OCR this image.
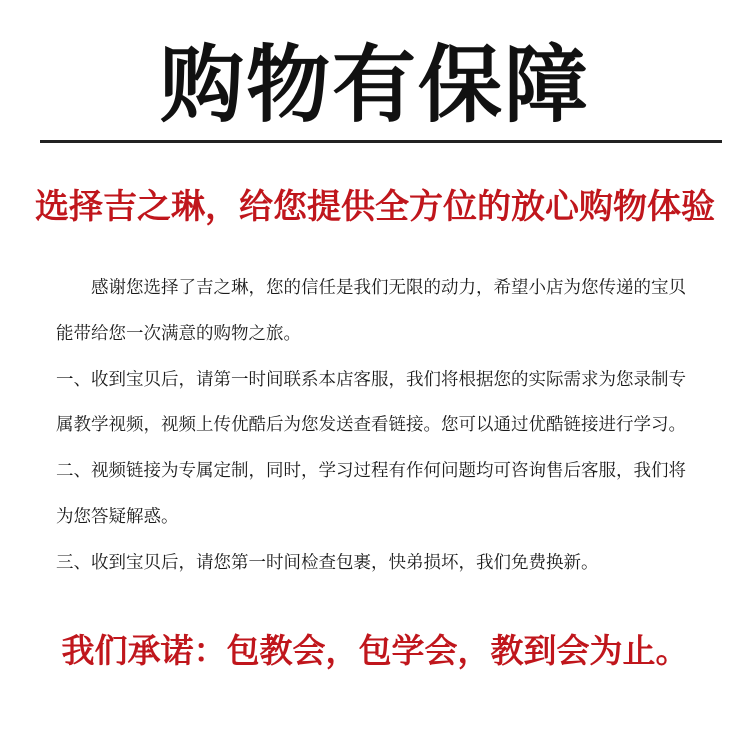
购物有保障
选择吉之琳，给您提供全方位的放心购物体验

感谢您选择了吉之琳，您的信任是我们无限的动力，希望小店为您传递的宝贝能带给您一次满意的购物之旅。

一、收到宝贝后，请第一时间联系本店客服，我们将根据您的实际需求为您录制专属教学视频，视频上传优酷后为您发送查看链接。您可以通过优酷链接进行学习。

二、视频链接为专属定制，同时，学习过程有作何问题均可咨询售后客服，我们将为您答疑解惑。

三、收到宝贝后，请您第一时间检查包裹，快弟损坏，我们免费换新。

我们承诺：包教会，包学会，教到会为止。
